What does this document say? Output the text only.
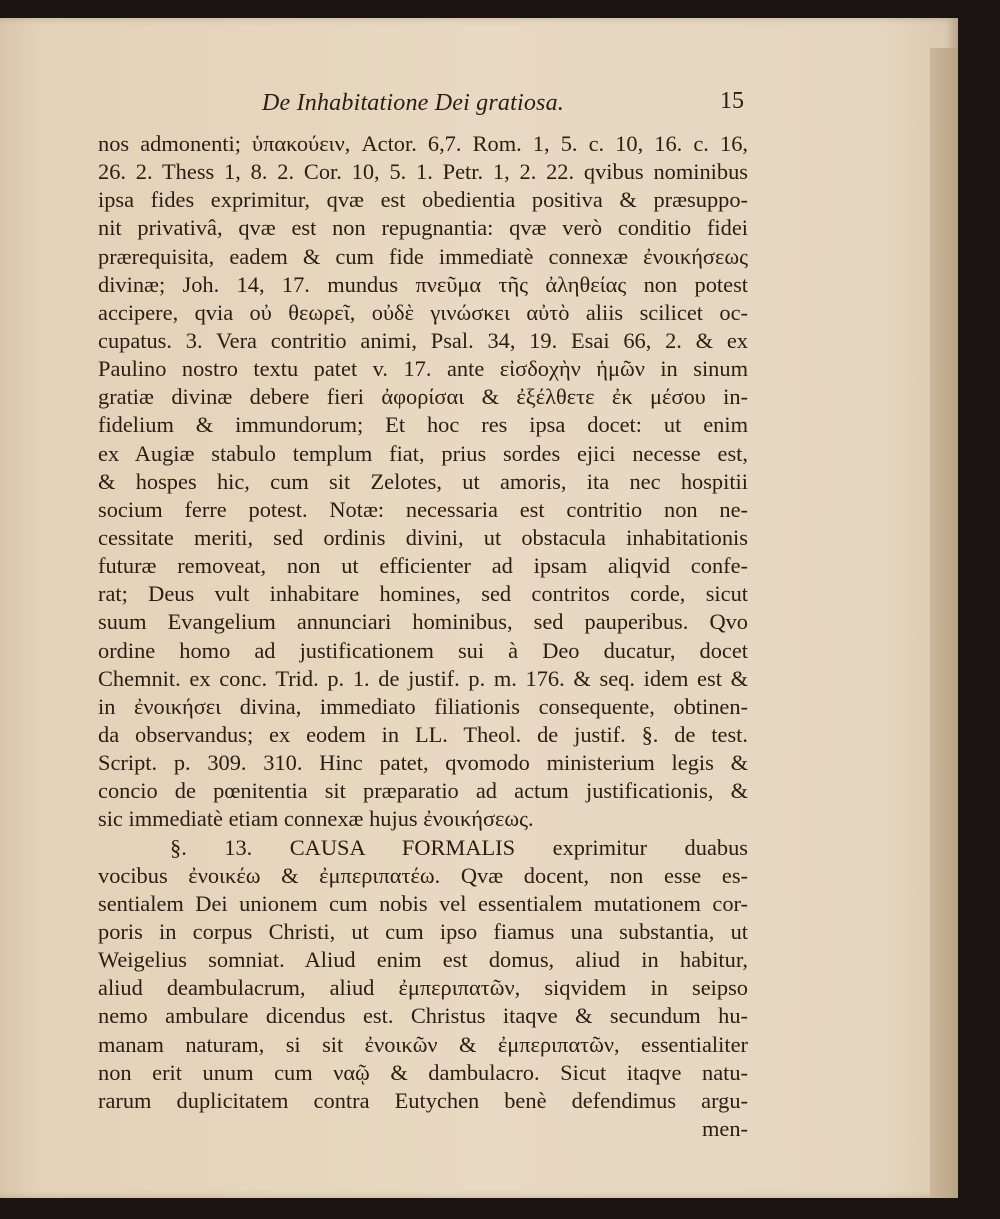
De Inhabitatione Dei gratiosa.	15
nos admonenti; ὑπακούειν, Actor. 6,7. Rom. 1, 5. c. 10, 16. c. 16,
26. 2. Thess 1, 8. 2. Cor. 10, 5. 1. Petr. 1, 2. 22. qvibus nominibus
ipsa fides exprimitur, qvæ est obedientia positiva & præsuppo-
nit privativâ, qvæ est non repugnantia: qvæ verò conditio fidei
prærequisita, eadem & cum fide immediatè connexæ ἐνοικήσεως
divinæ; Joh. 14, 17. mundus πνεῦμα τῆς ἀληθείας non potest
accipere, qvia οὐ θεωρεῖ, οὐδὲ γινώσκει αὐτὸ aliis scilicet oc-
cupatus. 3. Vera contritio animi, Psal. 34, 19. Esai 66, 2. & ex
Paulino nostro textu patet v. 17. ante εἰσδοχὴν ἡμῶν in sinum
gratiæ divinæ debere fieri ἀφορίσαι & ἐξέλθετε ἐκ μέσου in-
fidelium & immundorum; Et hoc res ipsa docet: ut enim
ex Augiæ stabulo templum fiat, prius sordes ejici necesse est,
& hospes hic, cum sit Zelotes, ut amoris, ita nec hospitii
socium ferre potest. Notæ: necessaria est contritio non ne-
cessitate meriti, sed ordinis divini, ut obstacula inhabitationis
futuræ removeat, non ut efficienter ad ipsam aliqvid confe-
rat; Deus vult inhabitare homines, sed contritos corde, sicut
suum Evangelium annunciari hominibus, sed pauperibus. Qvo
ordine homo ad justificationem sui à Deo ducatur, docet
Chemnit. ex conc. Trid. p. 1. de justif. p. m. 176. & seq. idem est &
in ἐνοικήσει divina, immediato filiationis consequente, obtinen-
da observandus; ex eodem in LL. Theol. de justif. §. de test.
Script. p. 309. 310. Hinc patet, qvomodo ministerium legis &
concio de pœnitentia sit præparatio ad actum justificationis, &
sic immediatè etiam connexæ hujus ἐνοικήσεως.
§. 13. CAUSA FORMALIS exprimitur duabus
vocibus ἐνοικέω & ἐμπεριπατέω. Qvæ docent, non esse es-
sentialem Dei unionem cum nobis vel essentialem mutationem cor-
poris in corpus Christi, ut cum ipso fiamus una substantia, ut
Weigelius somniat. Aliud enim est domus, aliud in habitur,
aliud deambulacrum, aliud ἐμπεριπατῶν, siqvidem in seipso
nemo ambulare dicendus est. Christus itaqve & secundum hu-
manam naturam, si sit ἐνοικῶν & ἐμπεριπατῶν, essentialiter
non erit unum cum ναῷ & dambulacro. Sicut itaqve natu-
rarum duplicitatem contra Eutychen benè defendimus argu-
men-
